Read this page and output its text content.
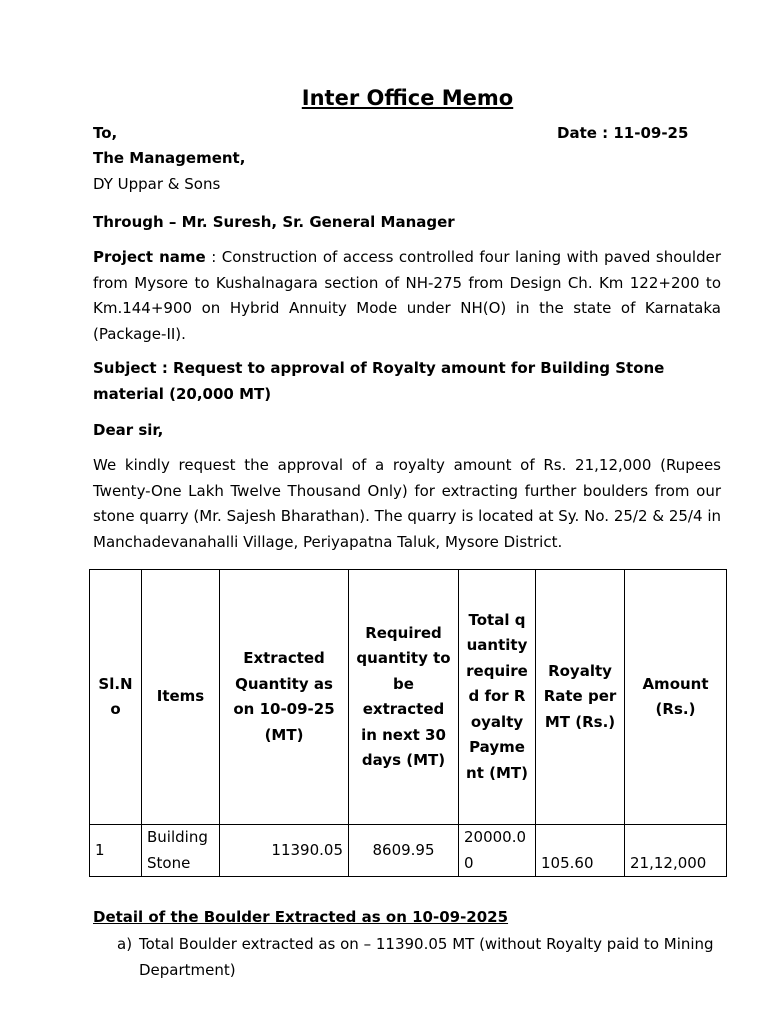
Inter Office Memo
To,	Date : 11-09-25
The Management,
DY Uppar & Sons
Through – Mr. Suresh, Sr. General Manager
Project name : Construction of access controlled four laning with paved shoulder from Mysore to Kushalnagara section of NH-275 from Design Ch. Km 122+200 to Km.144+900 on Hybrid Annuity Mode under NH(O) in the state of Karnataka (Package-II).
Subject : Request to approval of Royalty amount for Building Stone material (20,000 MT)
Dear sir,
We kindly request the approval of a royalty amount of Rs. 21,12,000 (Rupees Twenty-One Lakh Twelve Thousand Only) for extracting further boulders from our stone quarry (Mr. Sajesh Bharathan). The quarry is located at Sy. No. 25/2 & 25/4 in Manchadevanahalli Village, Periyapatna Taluk, Mysore District.
Sl.No	Items	Extracted Quantity as on 10-09-25 (MT)	Required quantity to be extracted in next 30 days (MT)	Total quantity required for Royalty Payment (MT)	Royalty Rate per MT (Rs.)	Amount (Rs.)
1	Building Stone	11390.05	8609.95	20000.00	105.60	21,12,000
Detail of the Boulder Extracted as on 10-09-2025
a) Total Boulder extracted as on – 11390.05 MT (without Royalty paid to Mining Department)
